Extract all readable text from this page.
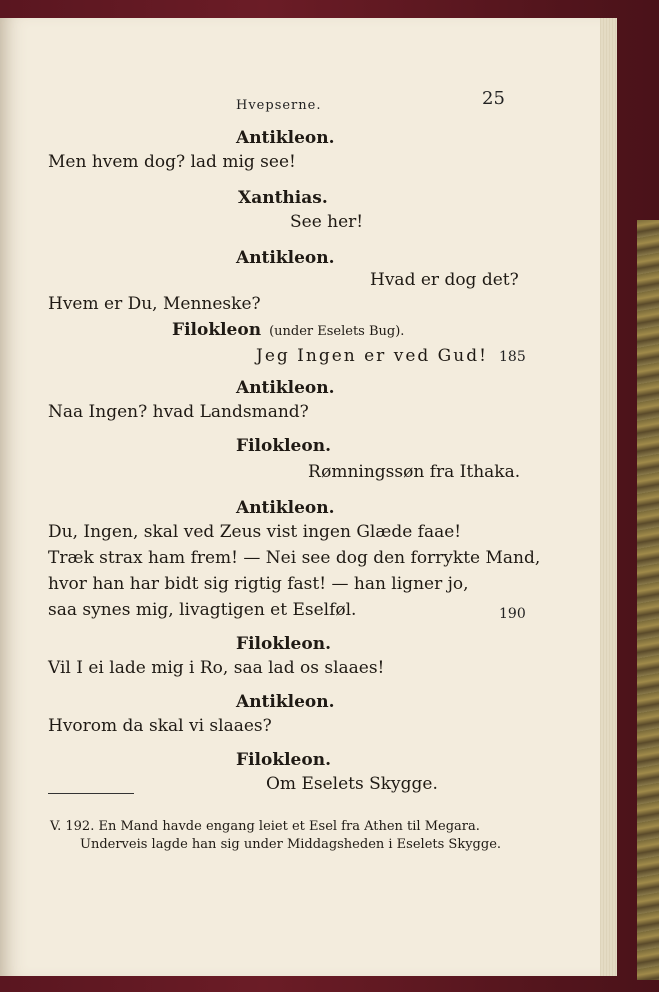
Hvepserne.	25
Antikleon.
Men hvem dog? lad mig see!
Xanthias.
See her!
Antikleon.
Hvad er dog det?
Hvem er Du, Menneske?
Filokleon (under Eselets Bug).
Jeg Ingen er ved Gud! 185
Antikleon.
Naa Ingen? hvad Landsmand?
Filokleon.
Rømningssøn fra Ithaka.
Antikleon.
Du, Ingen, skal ved Zeus vist ingen Glæde faae!
Træk strax ham frem! — Nei see dog den forrykte Mand,
hvor han har bidt sig rigtig fast! — han ligner jo,
saa synes mig, livagtigen et Eselføl.	190
Filokleon.
Vil I ei lade mig i Ro, saa lad os slaaes!
Antikleon.
Hvorom da skal vi slaaes?
Filokleon.
Om Eselets Skygge.
V. 192. En Mand havde engang leiet et Esel fra Athen til Megara.
Underveis lagde han sig under Middagsheden i Eselets Skygge.
